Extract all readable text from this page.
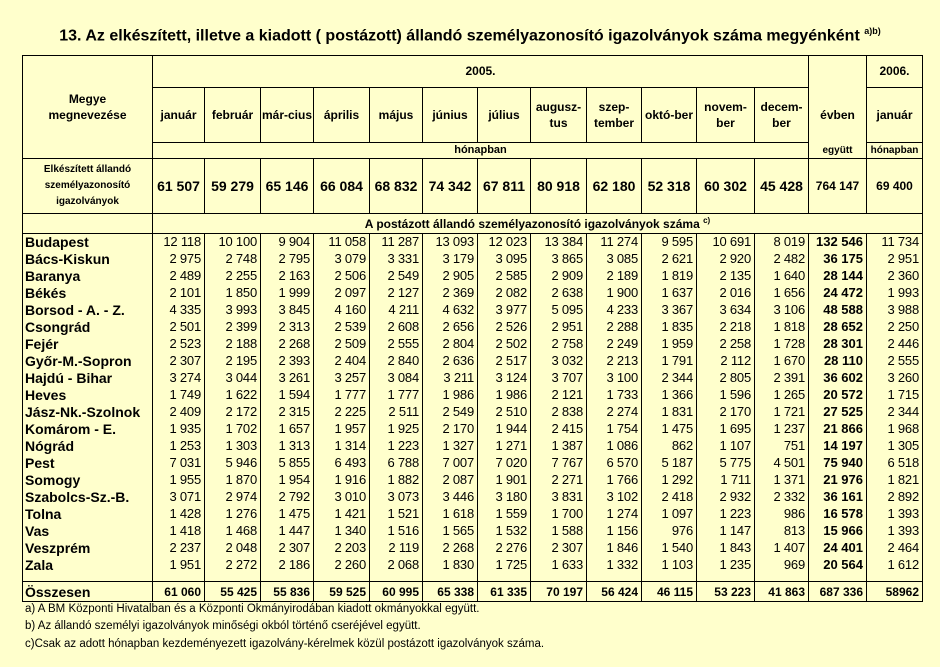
13. Az elkészített, illetve a kiadott ( postázott) állandó személyazonosító igazolványok száma megyénként $^{a)b)}$
Megye megnevezése	2005.													2006.
	január	február	már-cius	április	május	június	július	augusz-tus	szep-tember	októ-ber	novem-ber	decem-ber	évben	január
	hónapban												együtt	hónapban

Elkészített állandó személyazonosító igazolványok	61 507	59 279	65 146	66 084	68 832	74 342	67 811	80 918	62 180	52 318	60 302	45 428	764 147	69 400
	A postázott állandó személyazonosító igazolványok száma $^{c)}$
Budapest	12 118	10 100	9 904	11 058	11 287	13 093	12 023	13 384	11 274	9 595	10 691	8 019	132 546	11 734
Bács-Kiskun	2 975	2 748	2 795	3 079	3 331	3 179	3 095	3 865	3 085	2 621	2 920	2 482	36 175	2 951
Baranya	2 489	2 255	2 163	2 506	2 549	2 905	2 585	2 909	2 189	1 819	2 135	1 640	28 144	2 360
Békés	2 101	1 850	1 999	2 097	2 127	2 369	2 082	2 638	1 900	1 637	2 016	1 656	24 472	1 993
Borsod - A. - Z.	4 335	3 993	3 845	4 160	4 211	4 632	3 977	5 095	4 233	3 367	3 634	3 106	48 588	3 988
Csongrád	2 501	2 399	2 313	2 539	2 608	2 656	2 526	2 951	2 288	1 835	2 218	1 818	28 652	2 250
Fejér	2 523	2 188	2 268	2 509	2 555	2 804	2 502	2 758	2 249	1 959	2 258	1 728	28 301	2 446
Győr-M.-Sopron	2 307	2 195	2 393	2 404	2 840	2 636	2 517	3 032	2 213	1 791	2 112	1 670	28 110	2 555
Hajdú - Bihar	3 274	3 044	3 261	3 257	3 084	3 211	3 124	3 707	3 100	2 344	2 805	2 391	36 602	3 260
Heves	1 749	1 622	1 594	1 777	1 777	1 986	1 986	2 121	1 733	1 366	1 596	1 265	20 572	1 715
Jász-Nk.-Szolnok	2 409	2 172	2 315	2 225	2 511	2 549	2 510	2 838	2 274	1 831	2 170	1 721	27 525	2 344
Komárom - E.	1 935	1 702	1 657	1 957	1 925	2 170	1 944	2 415	1 754	1 475	1 695	1 237	21 866	1 968
Nógrád	1 253	1 303	1 313	1 314	1 223	1 327	1 271	1 387	1 086	862	1 107	751	14 197	1 305
Pest	7 031	5 946	5 855	6 493	6 788	7 007	7 020	7 767	6 570	5 187	5 775	4 501	75 940	6 518
Somogy	1 955	1 870	1 954	1 916	1 882	2 087	1 901	2 271	1 766	1 292	1 711	1 371	21 976	1 821
Szabolcs-Sz.-B.	3 071	2 974	2 792	3 010	3 073	3 446	3 180	3 831	3 102	2 418	2 932	2 332	36 161	2 892
Tolna	1 428	1 276	1 475	1 421	1 521	1 618	1 559	1 700	1 274	1 097	1 223	986	16 578	1 393
Vas	1 418	1 468	1 447	1 340	1 516	1 565	1 532	1 588	1 156	976	1 147	813	15 966	1 393
Veszprém	2 237	2 048	2 307	2 203	2 119	2 268	2 276	2 307	1 846	1 540	1 843	1 407	24 401	2 464
Zala	1 951	2 272	2 186	2 260	2 068	1 830	1 725	1 633	1 332	1 103	1 235	969	20 564	1 612

Összesen	61 060	55 425	55 836	59 525	60 995	65 338	61 335	70 197	56 424	46 115	53 223	41 863	687 336	58962
a) A BM Központi Hivatalban és a Központi Okmányirodában kiadott okmányokkal együtt.
b) Az állandó személyi igazolványok minőségi okból történő cseréjével együtt.
c)Csak az adott hónapban kezdeményezett igazolvány-kérelmek közül postázott igazolványok száma.
